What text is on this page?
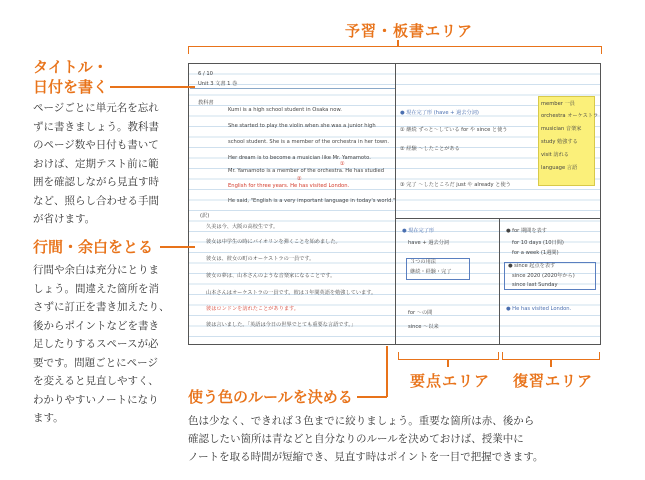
予習・板書エリア
6 / 10
Unit 3 文書 1 巻
教科書
Kumi is a high school student in Osaka now.
She started to play the violin when she was a junior high
school student. She is a member of the orchestra in her town.
Her dream is to become a musician like Mr. Yamamoto.
Mr. Yamamoto is a member of the orchestra. He has studied
①
②
English for three years. He has visited London.
He said, "English is a very important language in today's world."
(訳)
久美は今、大阪の高校生です。
彼女は中学生の時にバイオリンを弾くことを始めました。
彼女は、彼女の町のオーケストラの一員です。
彼女の夢は、山本さんのような音楽家になることです。
山本さんはオーケストラの一員です。彼は３年間英語を勉強しています。
彼はロンドンを訪れたことがあります。
彼は言いました。「英語は今日の世界でとても重要な言語です。」
● 現在完了形 (have + 過去分詞)
① 継続 ずっと～している for や since と使う
② 経験 ～したことがある
③ 完了 ～したところだ just や already と使う
member 一員
orchestra オーケストラ
musician 音楽家
study 勉強する
visit 訪れる
language 言語
● 現在完了形
have + 過去分詞
３つの用法
継続・経験・完了
for ～の間
since ～以来
● for 期間を表す
for 10 days (10日間)
for a week (1週間)
● since 起点を表す
since 2020 (2020年から)
since last Sunday
● He has visited London.
要点エリア 復習エリア
タイトル・
日付を書く
ページごとに単元名を忘れ
ずに書きましょう。教科書
のページ数や日付も書いて
おけば、定期テスト前に範
囲を確認しながら見直す時
など、照らし合わせる手間
が省けます。
行間・余白をとる
行間や余白は充分にとりま
しょう。間違えた箇所を消
さずに訂正を書き加えたり、
後からポイントなどを書き
足したりするスペースが必
要です。問題ごとにページ
を変えると見直しやすく、
わかりやすいノートになり
ます。
使う色のルールを決める
色は少なく、できれば３色までに絞りましょう。重要な箇所は赤、後から
確認したい箇所は青などと自分なりのルールを決めておけば、授業中に
ノートを取る時間が短縮でき、見直す時はポイントを一目で把握できます。
